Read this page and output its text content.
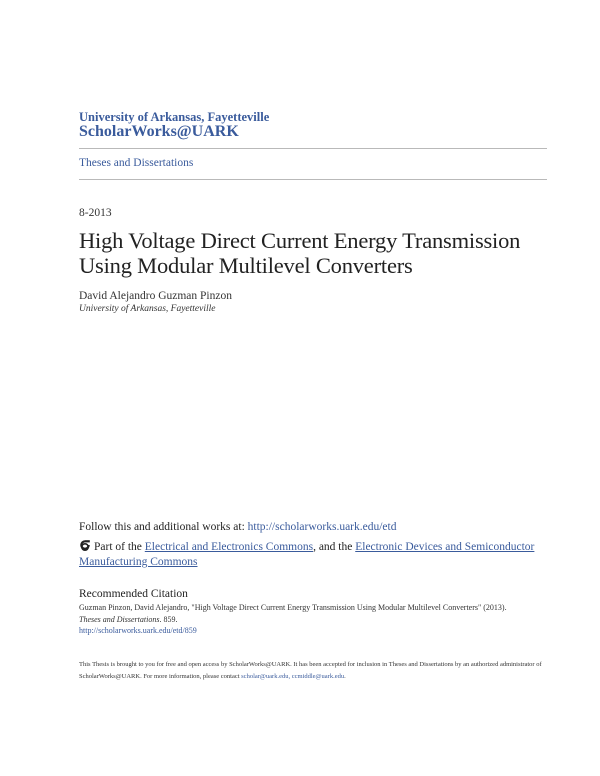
University of Arkansas, Fayetteville
ScholarWorks@UARK
Theses and Dissertations
8-2013
High Voltage Direct Current Energy Transmission
Using Modular Multilevel Converters
David Alejandro Guzman Pinzon
University of Arkansas, Fayetteville
Follow this and additional works at: http://scholarworks.uark.edu/etd
Part of the Electrical and Electronics Commons, and the Electronic Devices and Semiconductor Manufacturing Commons
Recommended Citation
Guzman Pinzon, David Alejandro, "High Voltage Direct Current Energy Transmission Using Modular Multilevel Converters" (2013).
Theses and Dissertations. 859.
http://scholarworks.uark.edu/etd/859
This Thesis is brought to you for free and open access by ScholarWorks@UARK. It has been accepted for inclusion in Theses and Dissertations by an authorized administrator of ScholarWorks@UARK. For more information, please contact scholar@uark.edu, ccmiddle@uark.edu.
